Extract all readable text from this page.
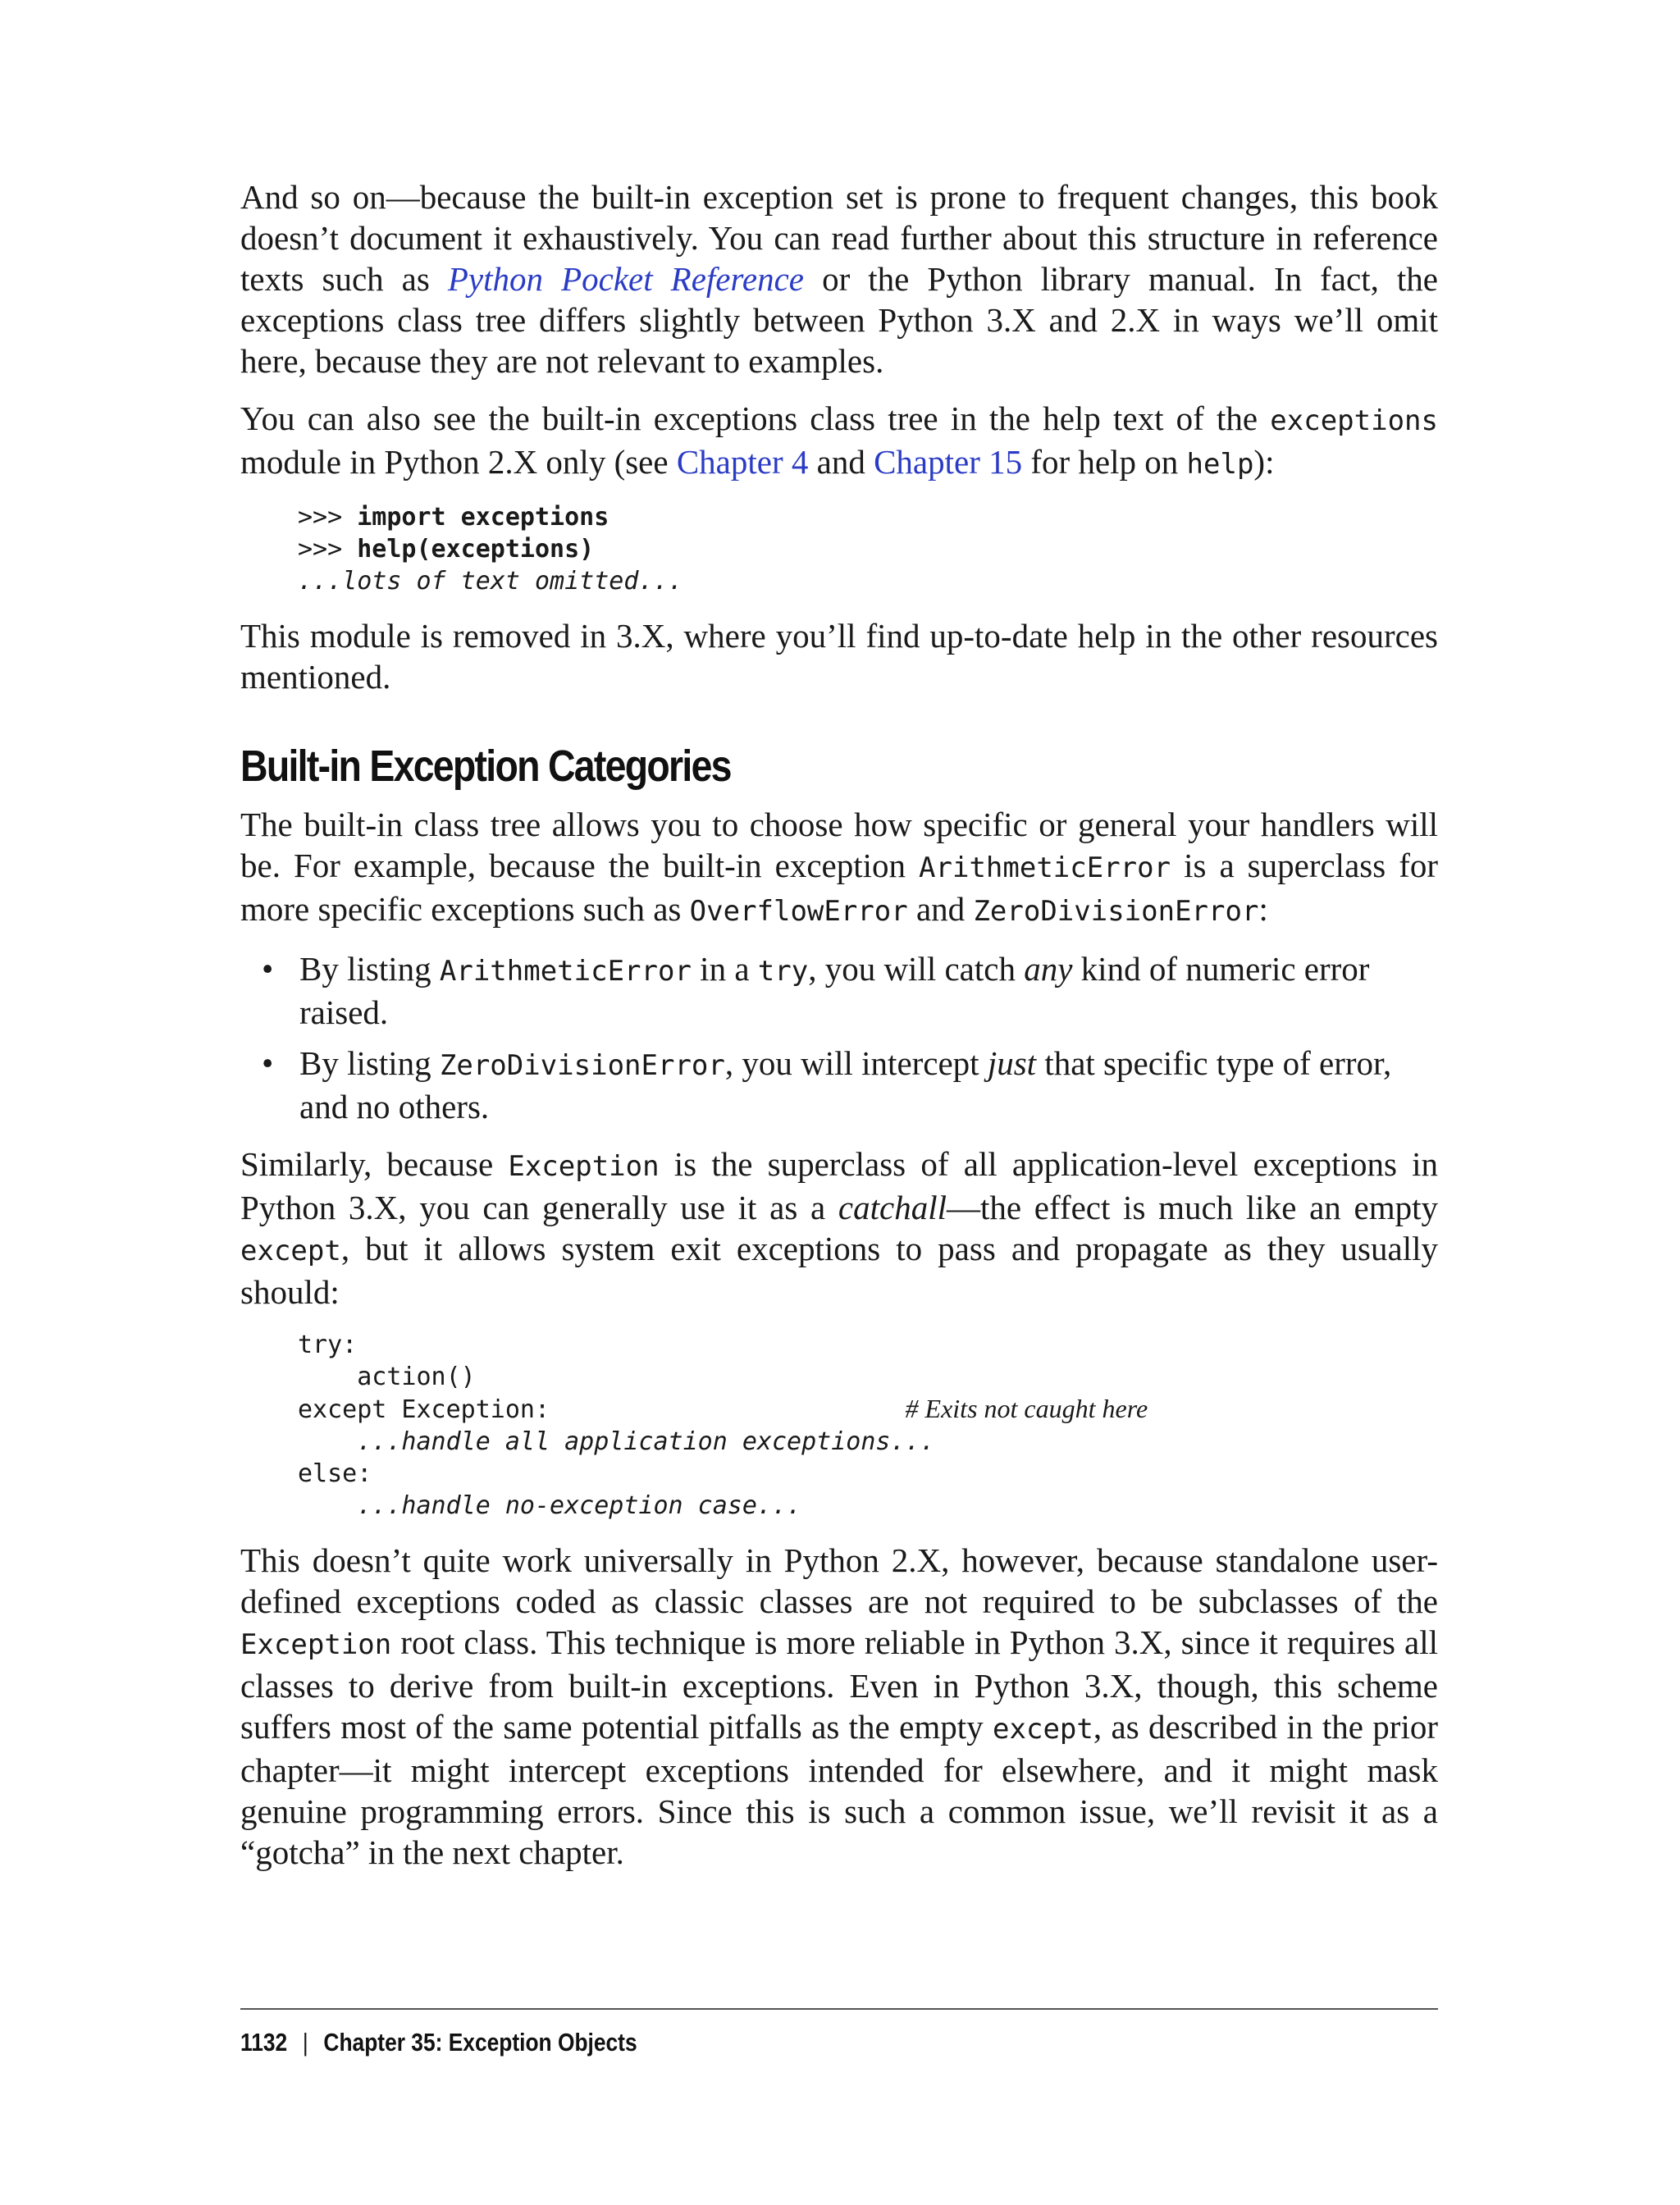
And so on—because the built-in exception set is prone to frequent changes, this book doesn’t document it exhaustively. You can read further about this structure in reference texts such as Python Pocket Reference or the Python library manual. In fact, the exceptions class tree differs slightly between Python 3.X and 2.X in ways we’ll omit here, because they are not relevant to examples.

You can also see the built-in exceptions class tree in the help text of the exceptions module in Python 2.X only (see Chapter 4 and Chapter 15 for help on help):

>>> import exceptions
>>> help(exceptions)
...lots of text omitted...

This module is removed in 3.X, where you’ll find up-to-date help in the other resources mentioned.

Built-in Exception Categories

The built-in class tree allows you to choose how specific or general your handlers will be. For example, because the built-in exception ArithmeticError is a superclass for more specific exceptions such as OverflowError and ZeroDivisionError:

• By listing ArithmeticError in a try, you will catch any kind of numeric error raised.
• By listing ZeroDivisionError, you will intercept just that specific type of error, and no others.

Similarly, because Exception is the superclass of all application-level exceptions in Python 3.X, you can generally use it as a catchall—the effect is much like an empty except, but it allows system exit exceptions to pass and propagate as they usually should:

try:
action()
except Exception:	# Exits not caught here
...handle all application exceptions...
else:
...handle no-exception case...

This doesn’t quite work universally in Python 2.X, however, because standalone user-defined exceptions coded as classic classes are not required to be subclasses of the Exception root class. This technique is more reliable in Python 3.X, since it requires all classes to derive from built-in exceptions. Even in Python 3.X, though, this scheme suffers most of the same potential pitfalls as the empty except, as described in the prior chapter—it might intercept exceptions intended for elsewhere, and it might mask genuine programming errors. Since this is such a common issue, we’ll revisit it as a “gotcha” in the next chapter.

1132 | Chapter 35: Exception Objects
